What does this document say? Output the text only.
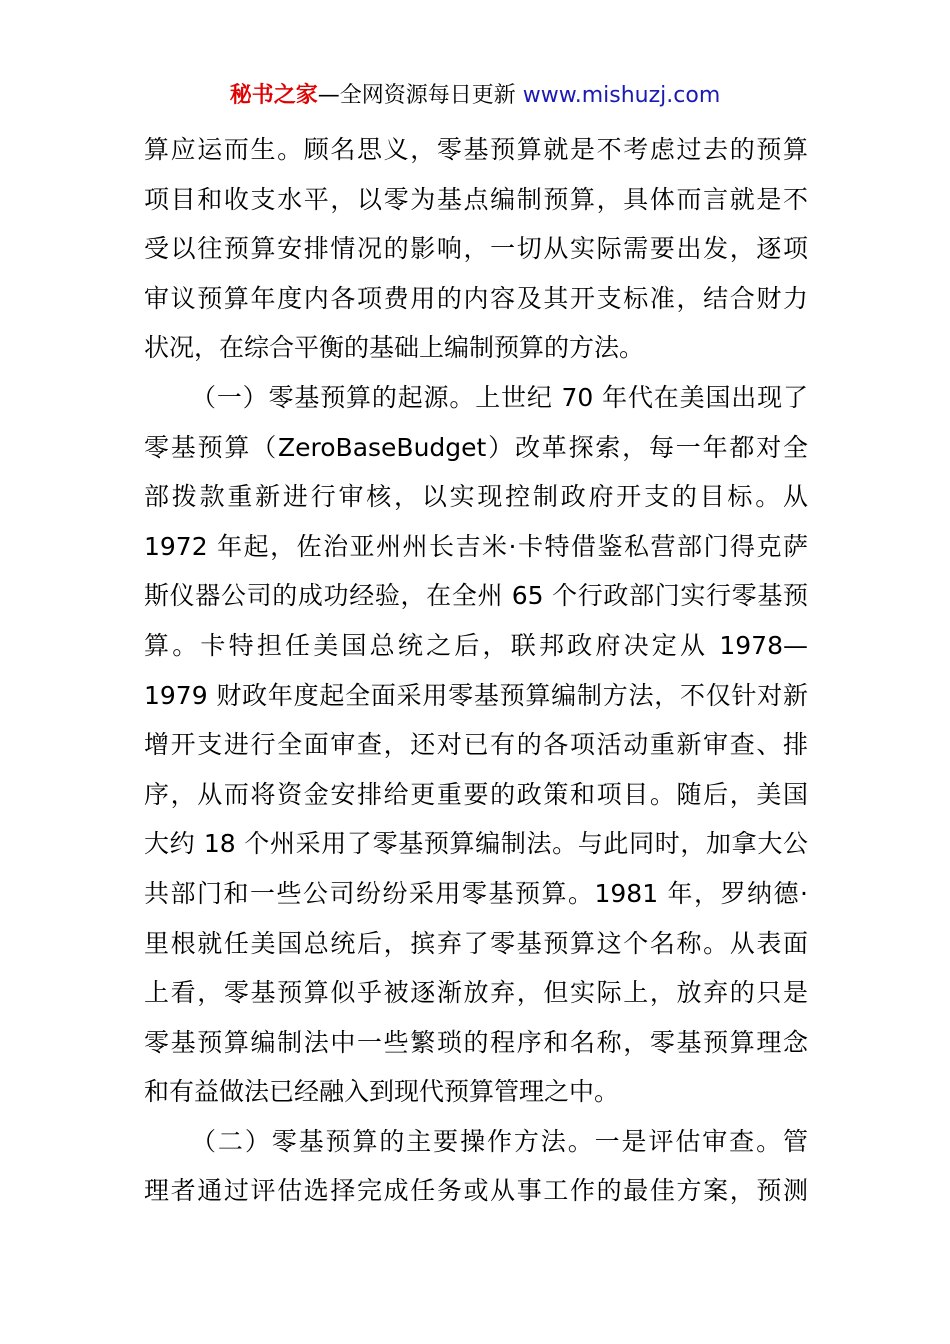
秘书之家—全网资源每日更新 www.mishuzj.com
算应运而生。顾名思义，零基预算就是不考虑过去的预算
项目和收支水平，以零为基点编制预算，具体而言就是不
受以往预算安排情况的影响，一切从实际需要出发，逐项
审议预算年度内各项费用的内容及其开支标准，结合财力
状况，在综合平衡的基础上编制预算的方法。
（一）零基预算的起源。上世纪 70 年代在美国出现了
零基预算（ZeroBaseBudget）改革探索，每一年都对全
部拨款重新进行审核，以实现控制政府开支的目标。从
1972 年起，佐治亚州州长吉米·卡特借鉴私营部门得克萨
斯仪器公司的成功经验，在全州 65 个行政部门实行零基预
算。卡特担任美国总统之后，联邦政府决定从 1978—
1979 财政年度起全面采用零基预算编制方法，不仅针对新
增开支进行全面审查，还对已有的各项活动重新审查、排
序，从而将资金安排给更重要的政策和项目。随后，美国
大约 18 个州采用了零基预算编制法。与此同时，加拿大公
共部门和一些公司纷纷采用零基预算。1981 年，罗纳德·
里根就任美国总统后，摈弃了零基预算这个名称。从表面
上看，零基预算似乎被逐渐放弃，但实际上，放弃的只是
零基预算编制法中一些繁琐的程序和名称，零基预算理念
和有益做法已经融入到现代预算管理之中。
（二）零基预算的主要操作方法。一是评估审查。管
理者通过评估选择完成任务或从事工作的最佳方案，预测
